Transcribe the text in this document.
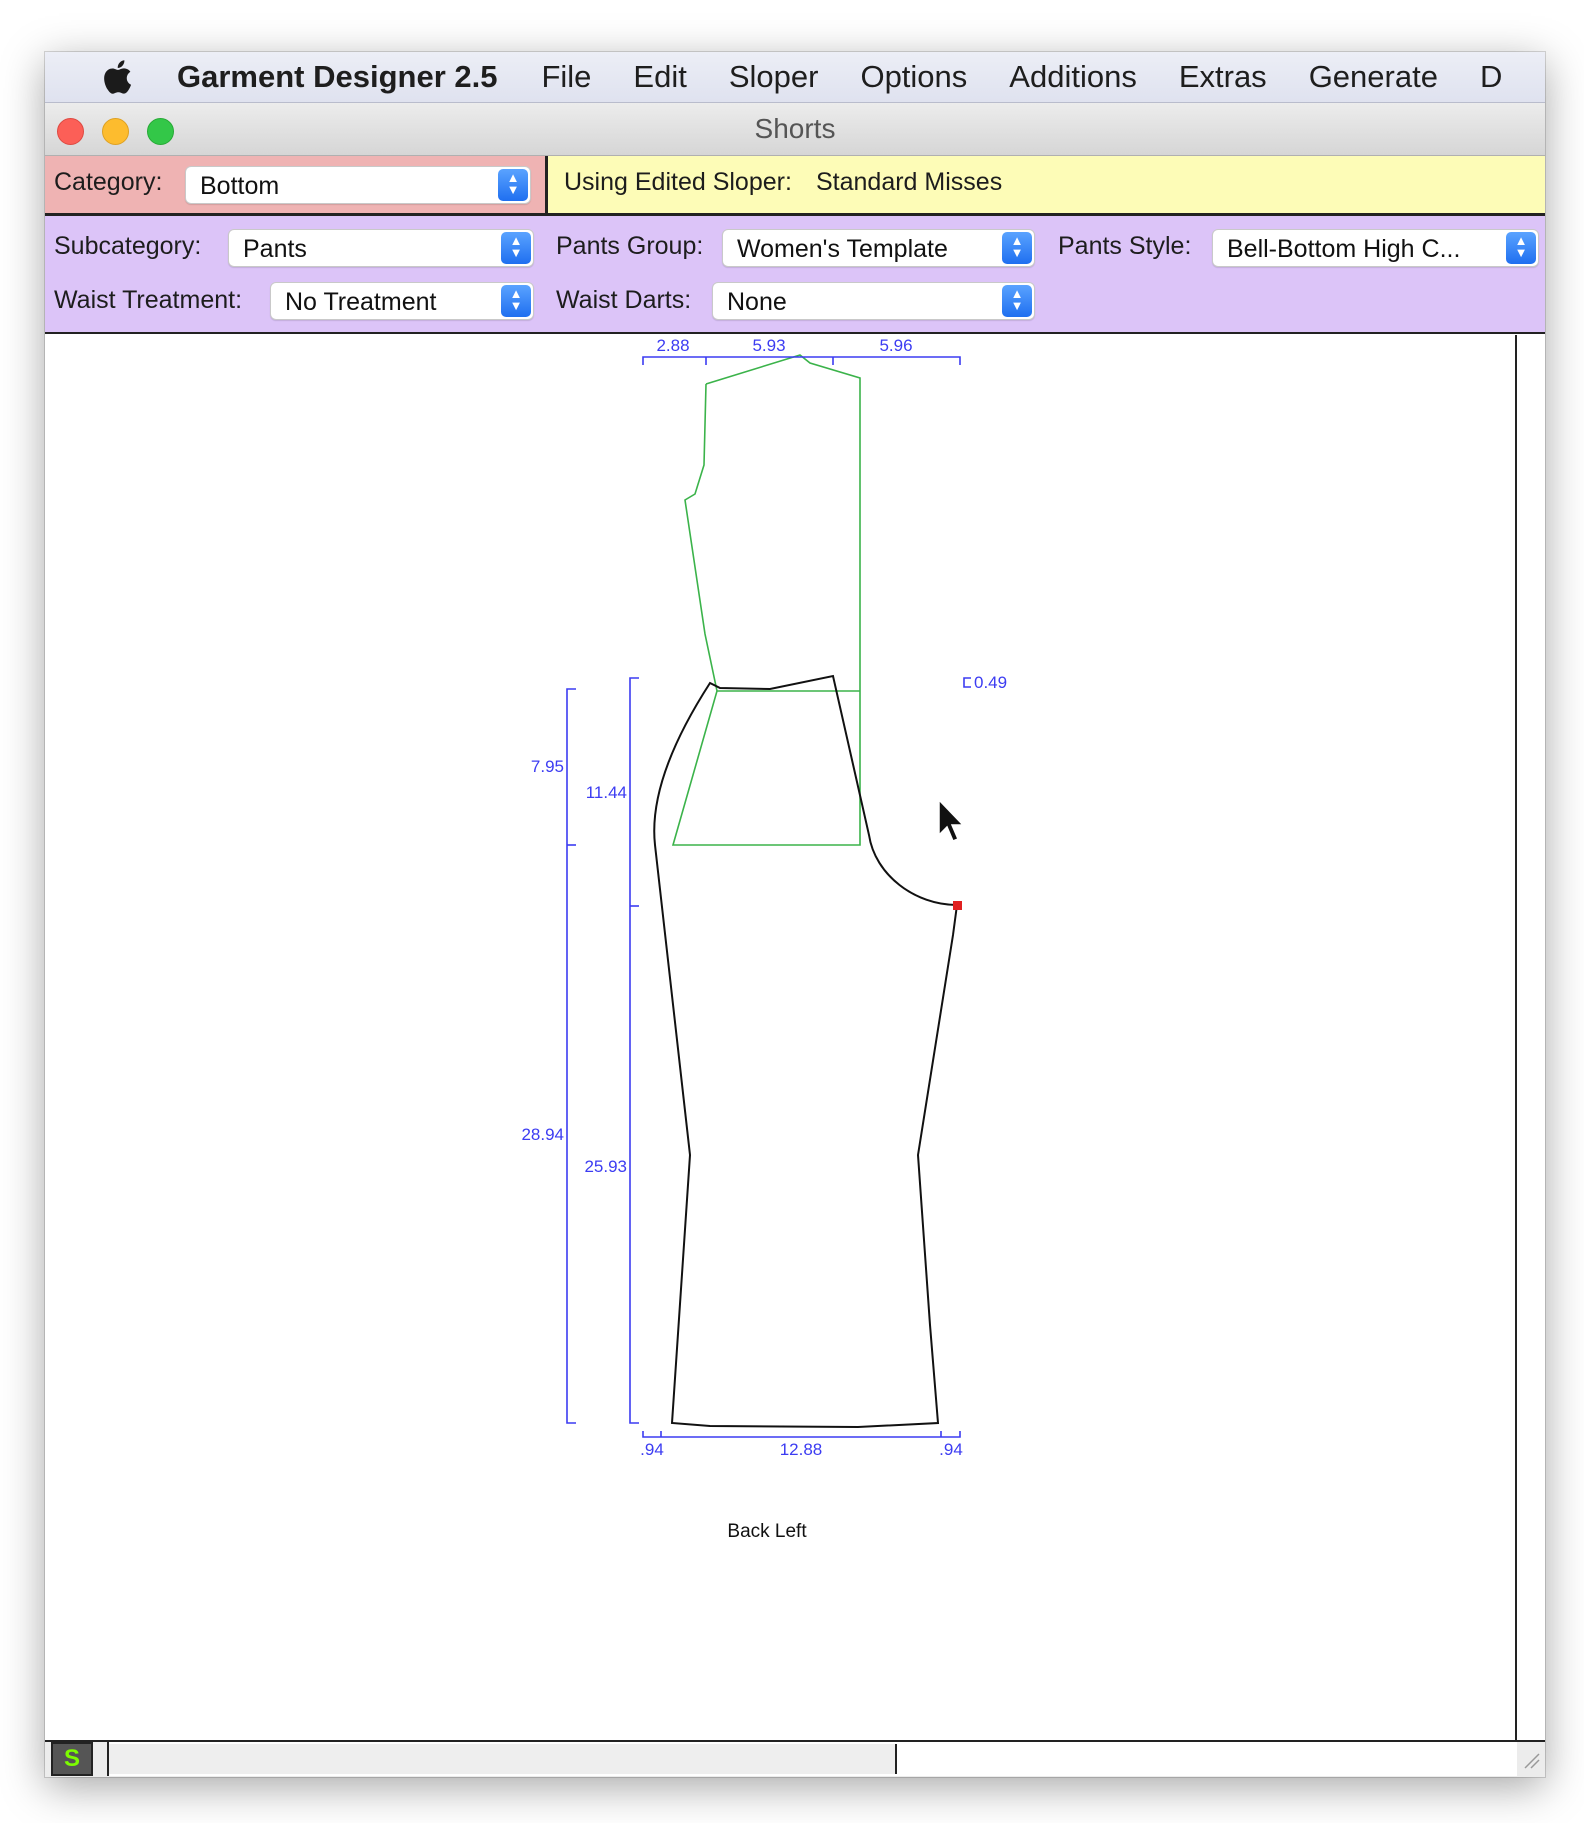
Garment Designer 2.5 File Edit Sloper Options Additions Extras Generate D
Shorts
Category: Bottom	▲
▼	Using Edited Sloper: Standard Misses
Subcategory: Pants	▲
▼	Pants Group: Women's Template	▲
▼	Pants Style: Bell-Bottom High C...	▲
▼
Waist Treatment: No Treatment	▲
▼	Waist Darts: None	▲
▼
2.88	5.93	5.96
7.95
11.44
28.94
25.93
.94	12.88	.94
0.49
Back Left
S
